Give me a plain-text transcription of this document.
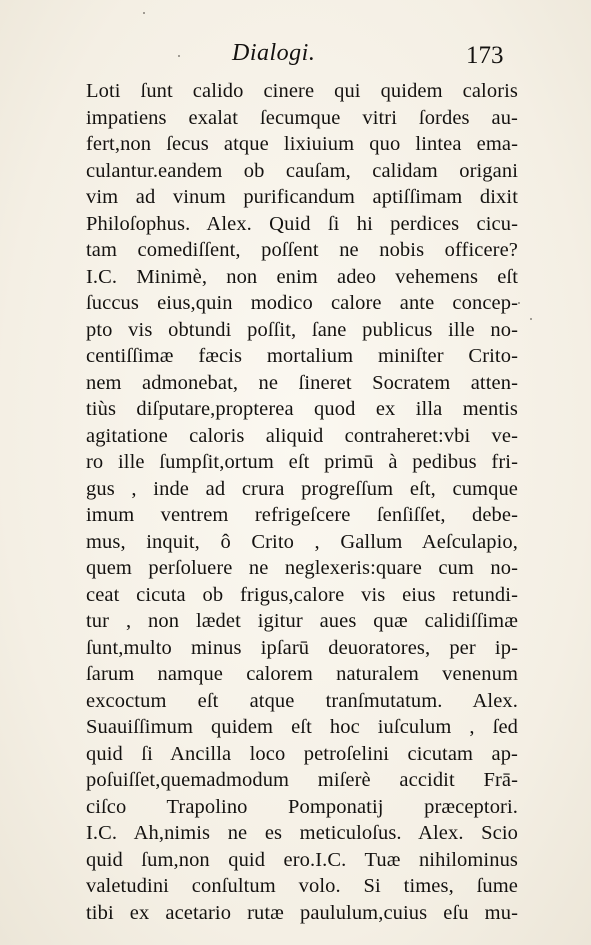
Dialogi.	173
Loti ſunt calido cinere qui quidem caloris
impatiens exalat ſecumque vitri ſordes au-
fert,non ſecus atque lixiuium quo lintea ema-
culantur.eandem ob cauſam, calidam origani
vim ad vinum purificandum aptiſſimam dixit
Philoſophus. Alex. Quid ſi hi perdices cicu-
tam comediſſent, poſſent ne nobis officere?
I.C. Minimè, non enim adeo vehemens eſt
ſuccus eius,quin modico calore ante concep-
pto vis obtundi poſſit, ſane publicus ille no-
centiſſimæ fæcis mortalium miniſter Crito-
nem admonebat, ne ſineret Socratem atten-
tiùs diſputare,propterea quod ex illa mentis
agitatione caloris aliquid contraheret:vbi ve-
ro ille ſumpſit,ortum eſt primū à pedibus fri-
gus , inde ad crura progreſſum eſt, cumque
imum ventrem refrigeſcere ſenſiſſet, debe-
mus, inquit, ô Crito , Gallum Aeſculapio,
quem perſoluere ne neglexeris:quare cum no-
ceat cicuta ob frigus,calore vis eius retundi-
tur , non lædet igitur aues quæ calidiſſimæ
ſunt,multo minus ipſarū deuoratores, per ip-
ſarum namque calorem naturalem venenum
excoctum eſt atque tranſmutatum. Alex.
Suauiſſimum quidem eſt hoc iuſculum , ſed
quid ſi Ancilla loco petroſelini cicutam ap-
poſuiſſet,quemadmodum miſerè accidit Frā-
ciſco Trapolino Pomponatij præceptori.
I.C. Ah,nimis ne es meticuloſus. Alex. Scio
quid ſum,non quid ero.I.C. Tuæ nihilominus
valetudini conſultum volo. Si times, ſume
tibi ex acetario rutæ paululum,cuius eſu mu-
